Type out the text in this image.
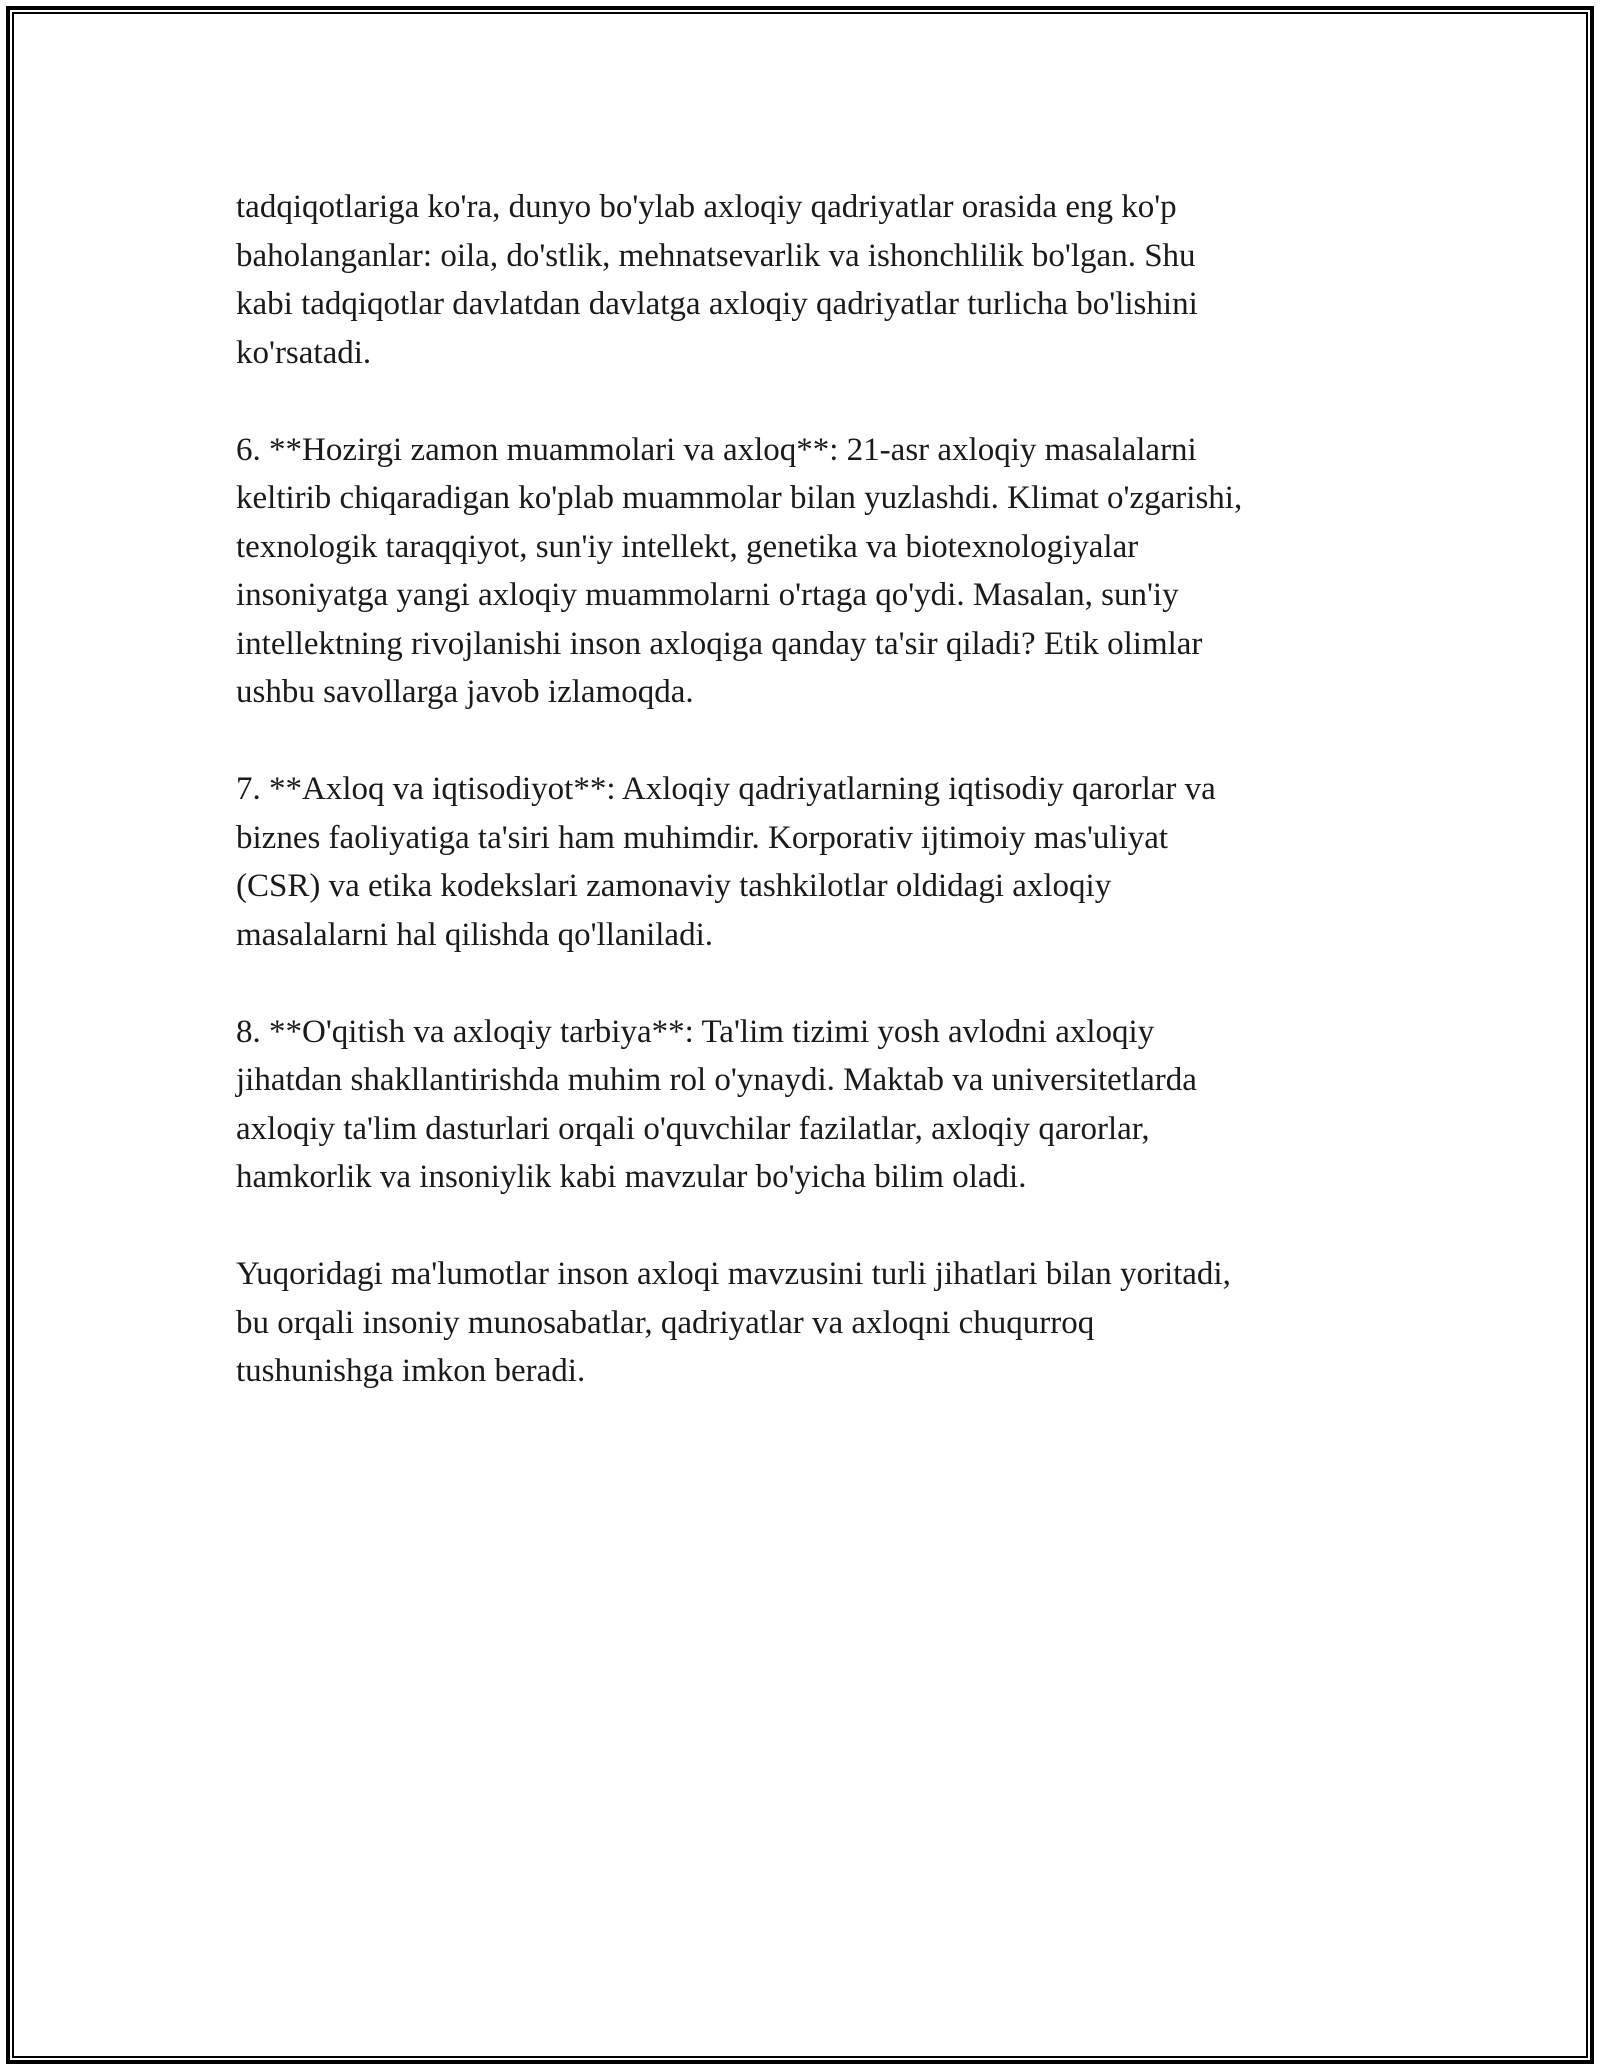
tadqiqotlariga ko'ra, dunyo bo'ylab axloqiy qadriyatlar orasida eng ko'p
baholanganlar: oila, do'stlik, mehnatsevarlik va ishonchlilik bo'lgan. Shu
kabi tadqiqotlar davlatdan davlatga axloqiy qadriyatlar turlicha bo'lishini
ko'rsatadi.

6. **Hozirgi zamon muammolari va axloq**: 21-asr axloqiy masalalarni
keltirib chiqaradigan ko'plab muammolar bilan yuzlashdi. Klimat o'zgarishi,
texnologik taraqqiyot, sun'iy intellekt, genetika va biotexnologiyalar
insoniyatga yangi axloqiy muammolarni o'rtaga qo'ydi. Masalan, sun'iy
intellektning rivojlanishi inson axloqiga qanday ta'sir qiladi? Etik olimlar
ushbu savollarga javob izlamoqda.

7. **Axloq va iqtisodiyot**: Axloqiy qadriyatlarning iqtisodiy qarorlar va
biznes faoliyatiga ta'siri ham muhimdir. Korporativ ijtimoiy mas'uliyat
(CSR) va etika kodekslari zamonaviy tashkilotlar oldidagi axloqiy
masalalarni hal qilishda qo'llaniladi.

8. **O'qitish va axloqiy tarbiya**: Ta'lim tizimi yosh avlodni axloqiy
jihatdan shakllantirishda muhim rol o'ynaydi. Maktab va universitetlarda
axloqiy ta'lim dasturlari orqali o'quvchilar fazilatlar, axloqiy qarorlar,
hamkorlik va insoniylik kabi mavzular bo'yicha bilim oladi.

Yuqoridagi ma'lumotlar inson axloqi mavzusini turli jihatlari bilan yoritadi,
bu orqali insoniy munosabatlar, qadriyatlar va axloqni chuqurroq
tushunishga imkon beradi.
